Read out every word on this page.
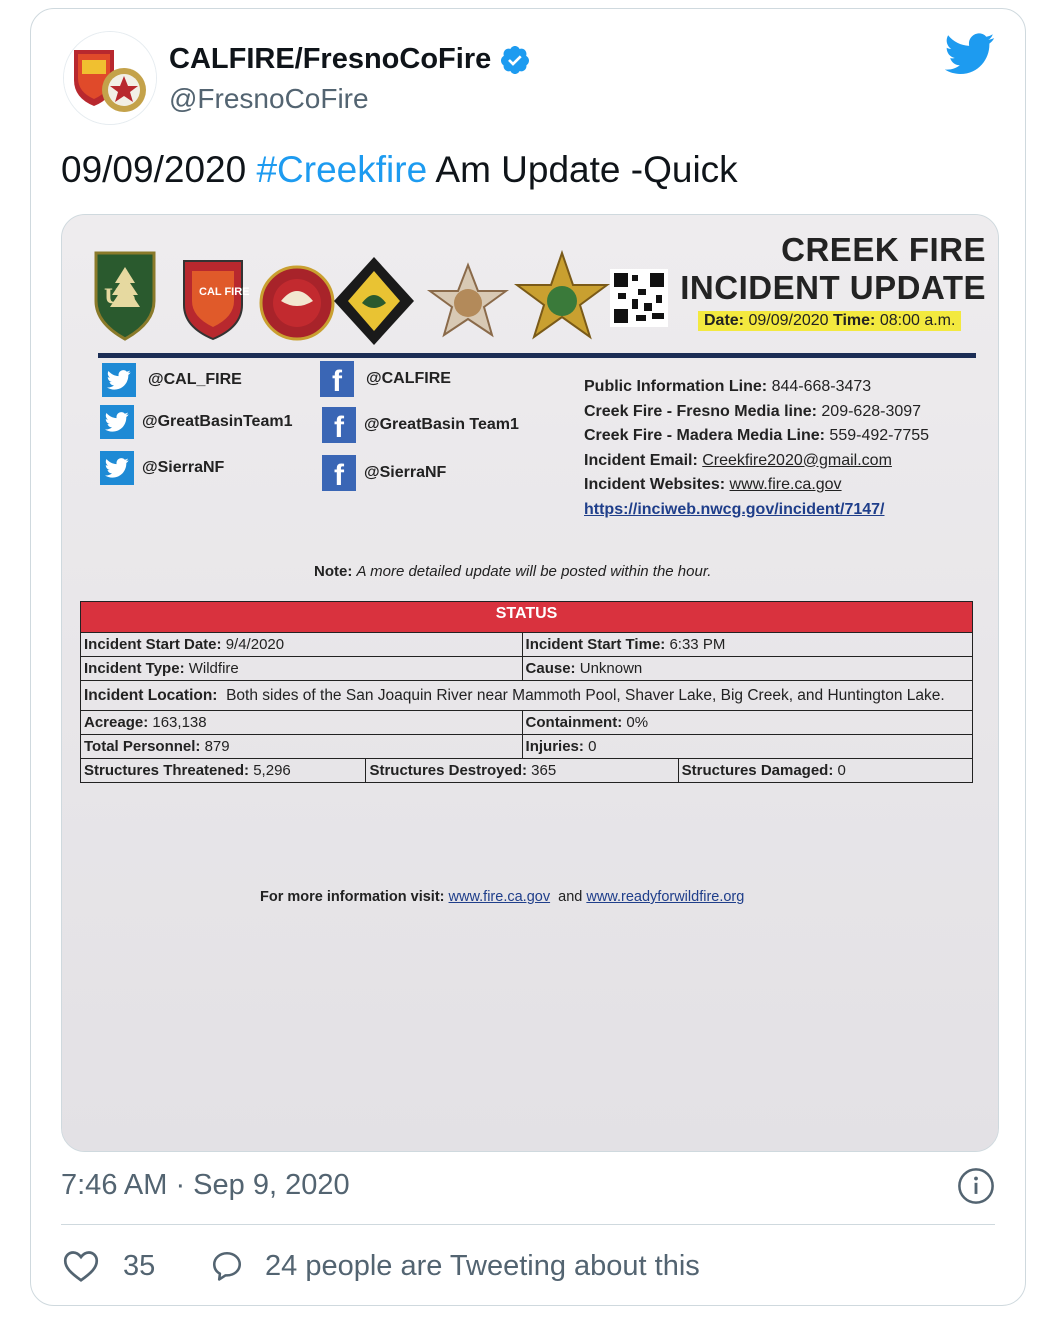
CALFIRE/FresnoCoFire
@FresnoCoFire
09/09/2020 #Creekfire Am Update -Quick
US	CAL FIRE
CREEK FIRE
INCIDENT UPDATE
Date: 09/09/2020 Time: 08:00 a.m.
@CAL_FIRE
@GreatBasinTeam1
@SierraNF
f	@CALFIRE
f	@GreatBasin Team1
f	@SierraNF
Public Information Line: 844-668-3473
Creek Fire - Fresno Media line: 209-628-3097
Creek Fire - Madera Media Line: 559-492-7755
Incident Email: Creekfire2020@gmail.com
Incident Websites: www.fire.ca.gov
https://inciweb.nwcg.gov/incident/7147/
Note: A more detailed update will be posted within the hour.
STATUS			
Incident Start Date: 9/4/2020		Incident Start Time: 6:33 PM	
Incident Type: Wildfire		Cause: Unknown	
Incident Location: Both sides of the San Joaquin River near Mammoth Pool, Shaver Lake, Big Creek, and Huntington Lake.			
Acreage: 163,138		Containment: 0%	
Total Personnel: 879		Injuries: 0	
Structures Threatened: 5,296	Structures Destroyed: 365		Structures Damaged: 0
For more information visit: www.fire.ca.gov and www.readyforwildfire.org
7:46 AM · Sep 9, 2020
35	24 people are Tweeting about this
